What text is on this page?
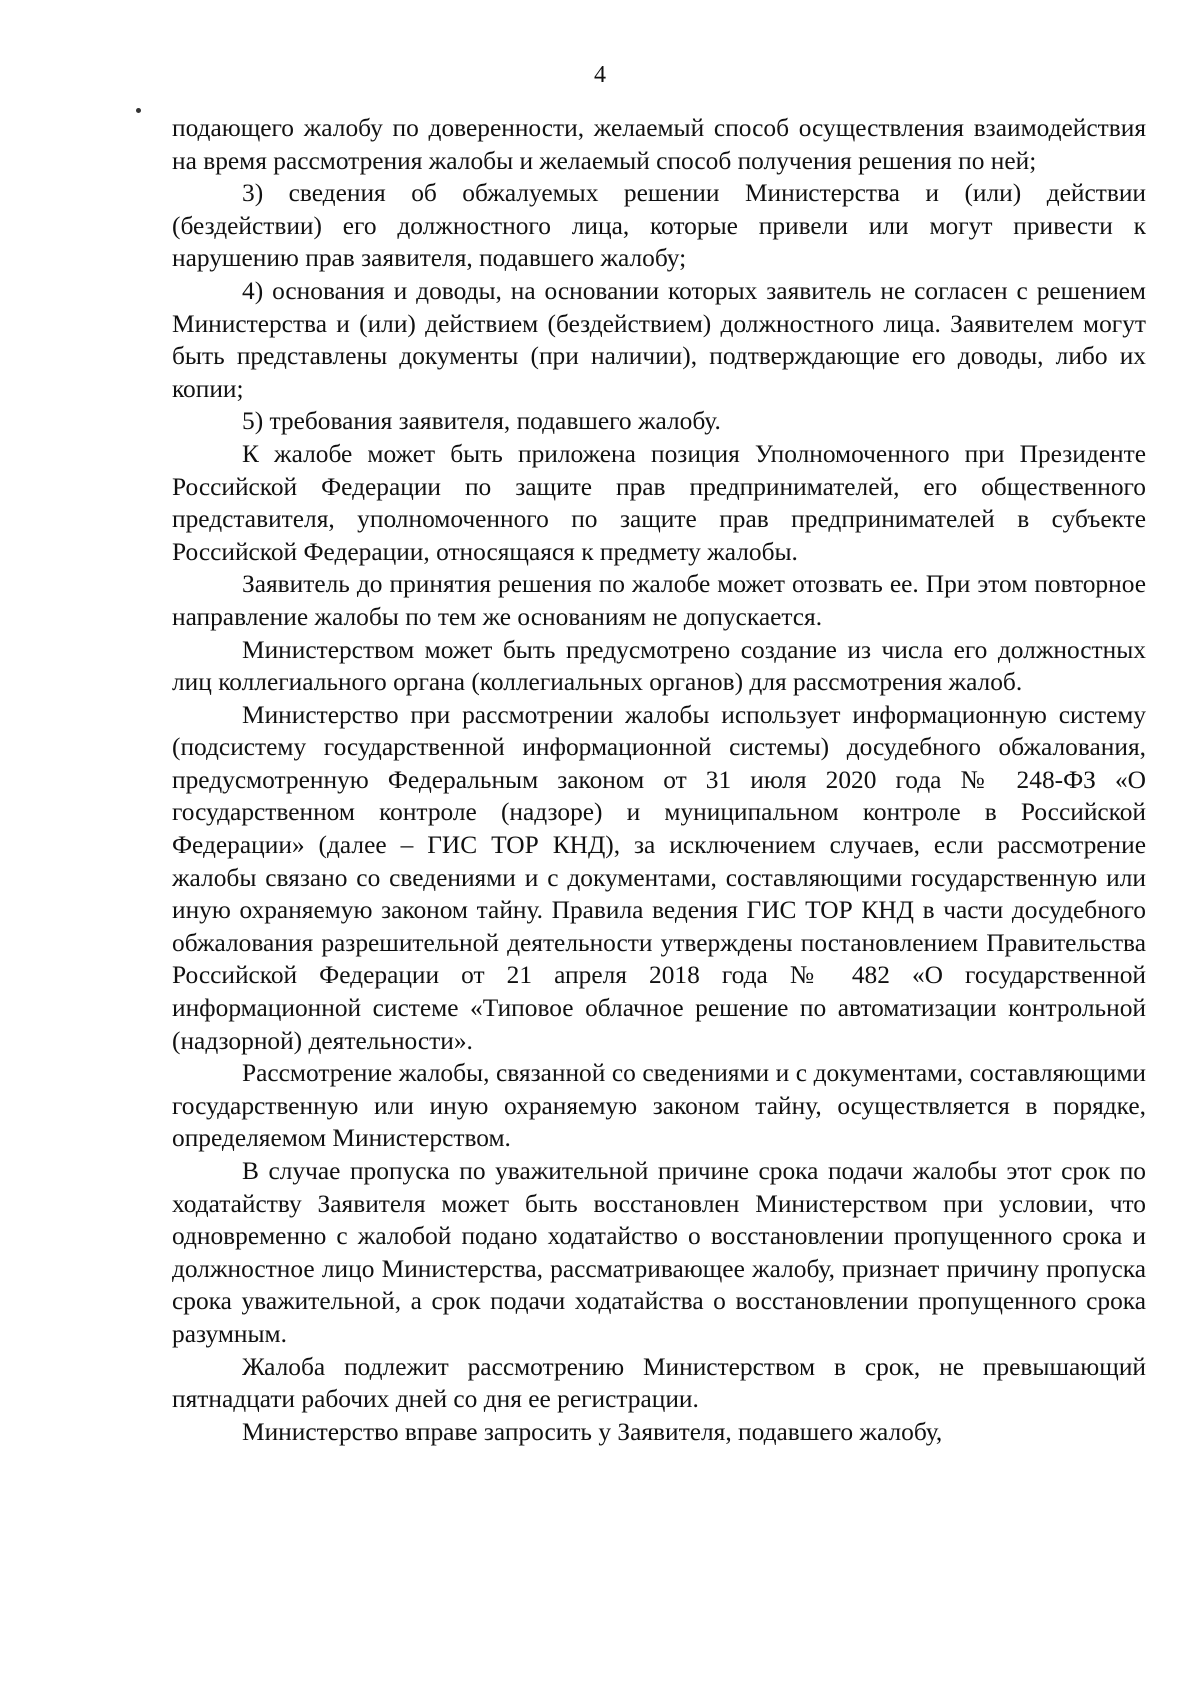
4

подающего жалобу по доверенности, желаемый способ осуществления взаимодействия на время рассмотрения жалобы и желаемый способ получения решения по ней;

3) сведения об обжалуемых решении Министерства и (или) действии (бездействии) его должностного лица, которые привели или могут привести к нарушению прав заявителя, подавшего жалобу;

4) основания и доводы, на основании которых заявитель не согласен с решением Министерства и (или) действием (бездействием) должностного лица. Заявителем могут быть представлены документы (при наличии), подтверждающие его доводы, либо их копии;

5) требования заявителя, подавшего жалобу.

К жалобе может быть приложена позиция Уполномоченного при Президенте Российской Федерации по защите прав предпринимателей, его общественного представителя, уполномоченного по защите прав предпринимателей в субъекте Российской Федерации, относящаяся к предмету жалобы.

Заявитель до принятия решения по жалобе может отозвать ее. При этом повторное направление жалобы по тем же основаниям не допускается.

Министерством может быть предусмотрено создание из числа его должностных лиц коллегиального органа (коллегиальных органов) для рассмотрения жалоб.

Министерство при рассмотрении жалобы использует информационную систему (подсистему государственной информационной системы) досудебного обжалования, предусмотренную Федеральным законом от 31 июля 2020 года № 248-ФЗ «О государственном контроле (надзоре) и муниципальном контроле в Российской Федерации» (далее – ГИС ТОР КНД), за исключением случаев, если рассмотрение жалобы связано со сведениями и с документами, составляющими государственную или иную охраняемую законом тайну. Правила ведения ГИС ТОР КНД в части досудебного обжалования разрешительной деятельности утверждены постановлением Правительства Российской Федерации от 21 апреля 2018 года № 482 «О государственной информационной системе «Типовое облачное решение по автоматизации контрольной (надзорной) деятельности».

Рассмотрение жалобы, связанной со сведениями и с документами, составляющими государственную или иную охраняемую законом тайну, осуществляется в порядке, определяемом Министерством.

В случае пропуска по уважительной причине срока подачи жалобы этот срок по ходатайству Заявителя может быть восстановлен Министерством при условии, что одновременно с жалобой подано ходатайство о восстановлении пропущенного срока и должностное лицо Министерства, рассматривающее жалобу, признает причину пропуска срока уважительной, а срок подачи ходатайства о восстановлении пропущенного срока разумным.

Жалоба подлежит рассмотрению Министерством в срок, не превышающий пятнадцати рабочих дней со дня ее регистрации.

Министерство вправе запросить у Заявителя, подавшего жалобу,
